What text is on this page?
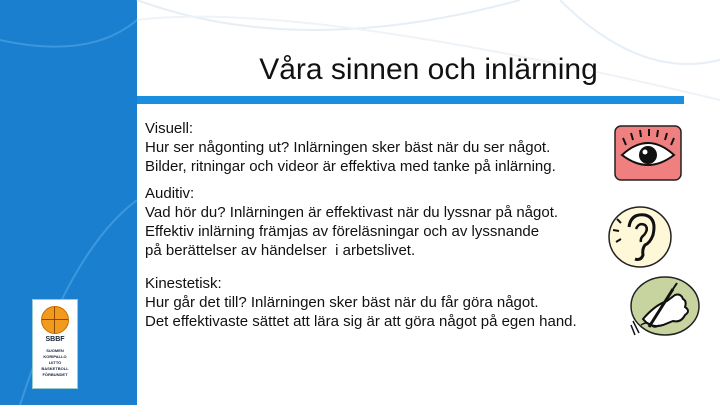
Våra sinnen och inlärning
Visuell:
Hur ser någonting ut? Inlärningen sker bäst när du ser något.
Bilder, ritningar och videor är effektiva med tanke på inlärning.
Auditiv:
Vad hör du? Inlärningen är effektivast när du lyssnar på något.
Effektiv inlärning främjas av föreläsningar och av lyssnande
på berättelser av händelser  i arbetslivet.
Kinestetisk:
Hur går det till? Inlärningen sker bäst när du får göra något.
Det effektivaste sättet att lära sig är att göra något på egen hand.
SBBF
SUOMEN
KORIPALLO
LIITTO
BASKETBOLL
FÖRBUNDET
